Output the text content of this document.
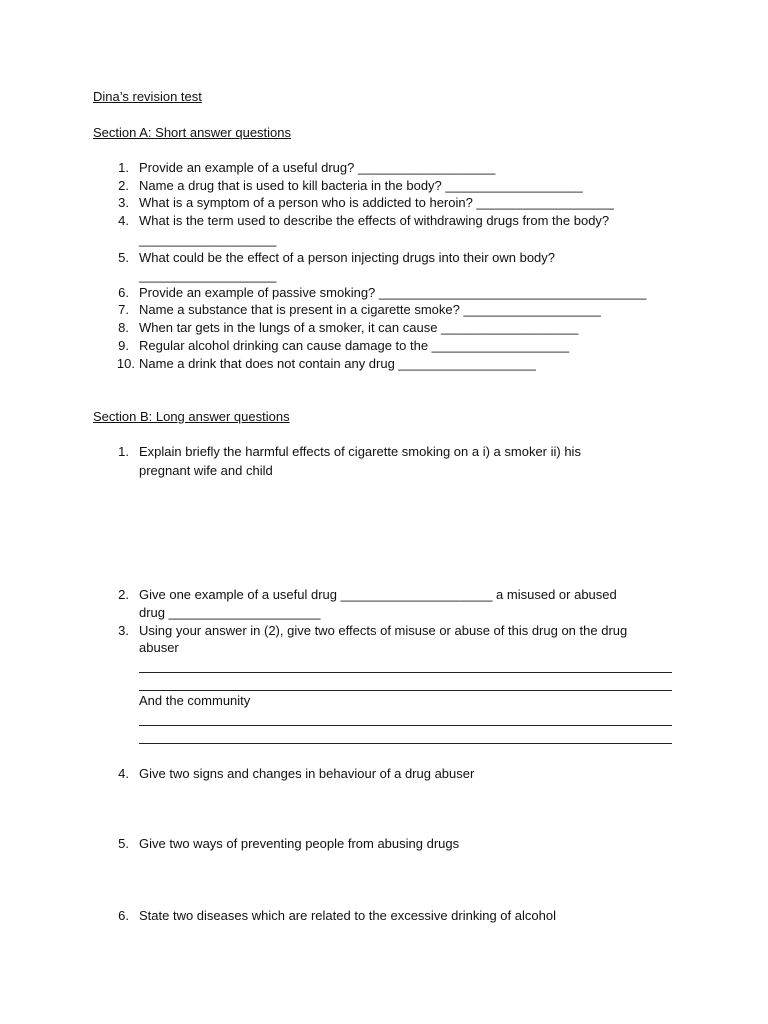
Dina’s revision test
Section A: Short answer questions
1. Provide an example of a useful drug? ___________________
2. Name a drug that is used to kill bacteria in the body? ___________________
3. What is a symptom of a person who is addicted to heroin? ___________________
4. What is the term used to describe the effects of withdrawing drugs from the body?
___________________
5. What could be the effect of a person injecting drugs into their own body?
___________________
6. Provide an example of passive smoking? _____________________________________
7. Name a substance that is present in a cigarette smoke? ___________________
8. When tar gets in the lungs of a smoker, it can cause ___________________
9. Regular alcohol drinking can cause damage to the ___________________
10. Name a drink that does not contain any drug ___________________
Section B: Long answer questions
1. Explain briefly the harmful effects of cigarette smoking on a i) a smoker ii) his
pregnant wife and child
2. Give one example of a useful drug _____________________ a misused or abused
drug _____________________
3. Using your answer in (2), give two effects of misuse or abuse of this drug on the drug
abuser
And the community
4. Give two signs and changes in behaviour of a drug abuser
5. Give two ways of preventing people from abusing drugs
6. State two diseases which are related to the excessive drinking of alcohol
